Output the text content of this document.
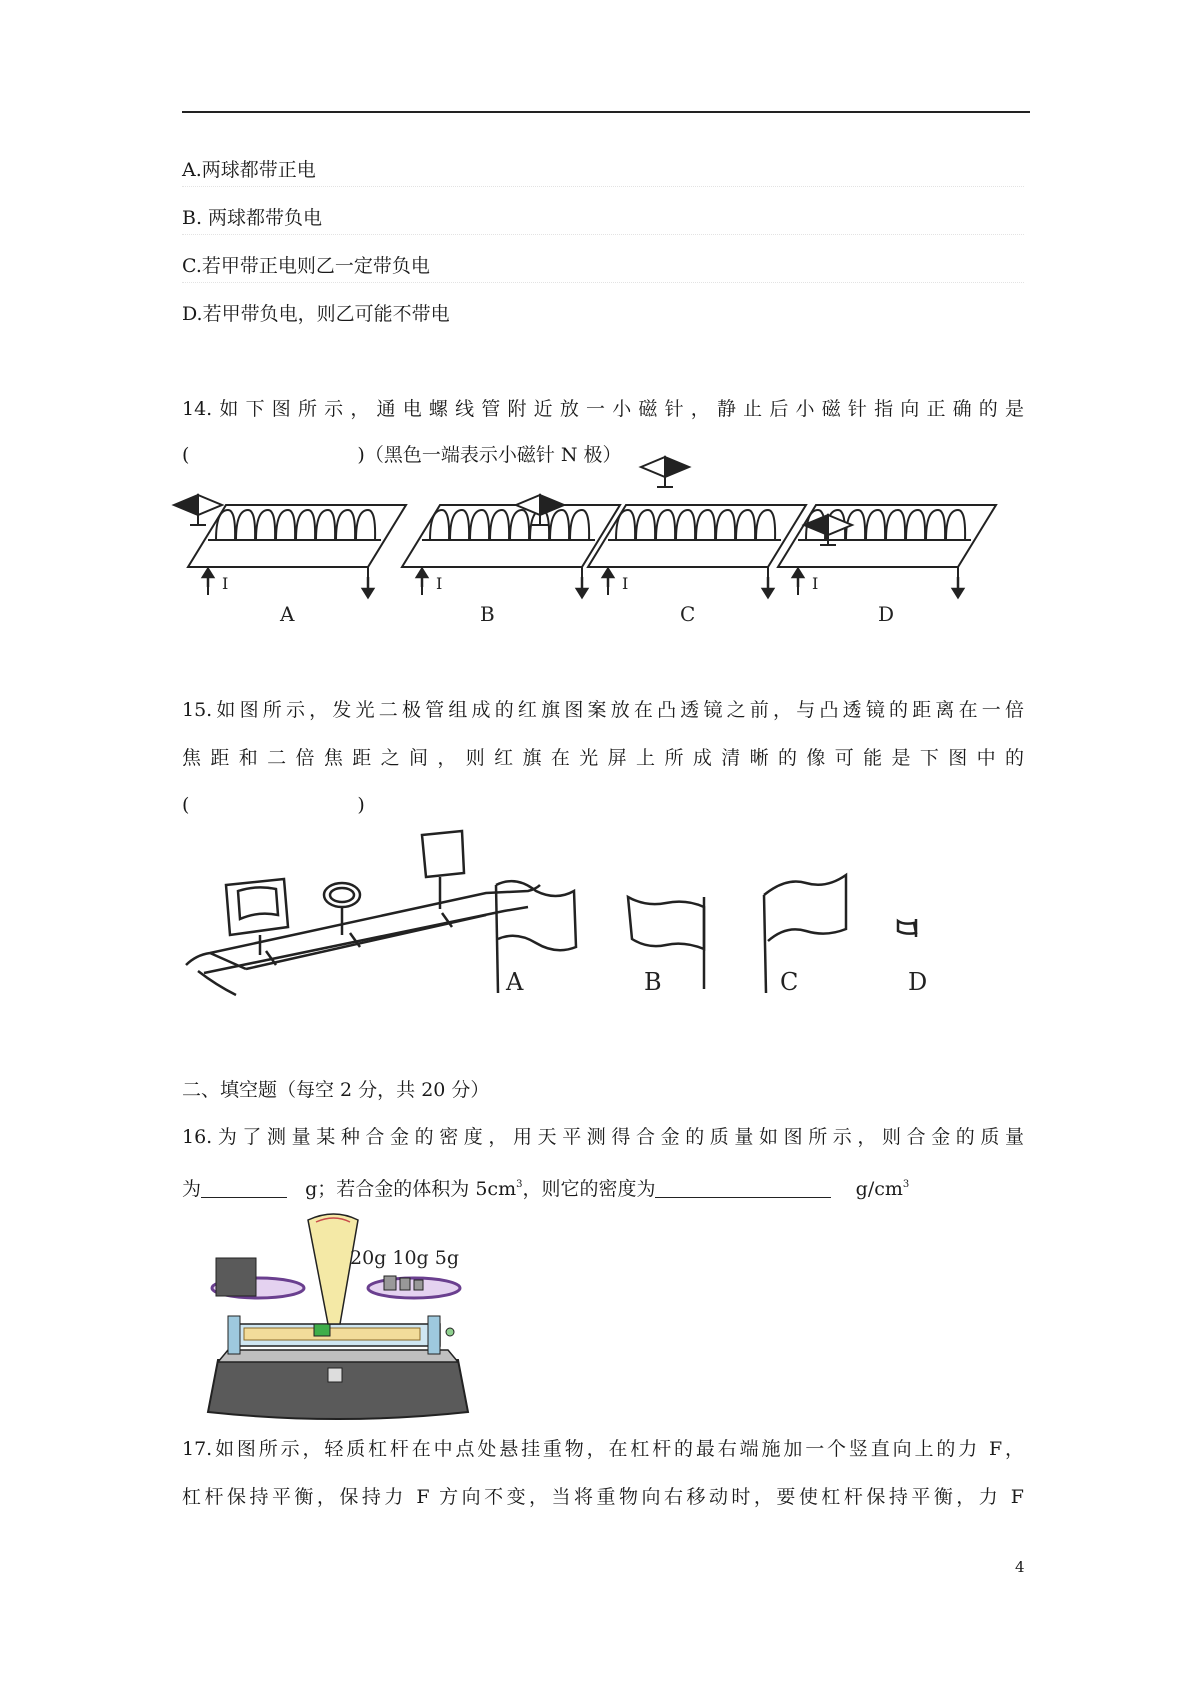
A.两球都带正电
B. 两球都带负电
C.若甲带正电则乙一定带负电
D.若甲带负电，则乙可能不带电
14.如下图所示，通电螺线管附近放一小磁针，静止后小磁针指向正确的是
(	)（黑色一端表示小磁针 N 极）
I	I	I	I
A	B	C	D
15.如图所示，发光二极管组成的红旗图案放在凸透镜之前，与凸透镜的距离在一倍
焦距和二倍焦距之间，则红旗在光屏上所成清晰的像可能是下图中的
(	)
A	B	C	D
二、填空题（每空 2 分，共 20 分）
16.为了测量某种合金的密度，用天平测得合金的质量如图所示，则合金的质量
为	g；若合金的体积为 $5cm^3$，则它的密度为	$g/cm^3$
20g 10g 5g
17.如图所示，轻质杠杆在中点处悬挂重物，在杠杆的最右端施加一个竖直向上的力 F，
杠杆保持平衡，保持力 F 方向不变，当将重物向右移动时，要使杠杆保持平衡，力 F
4
